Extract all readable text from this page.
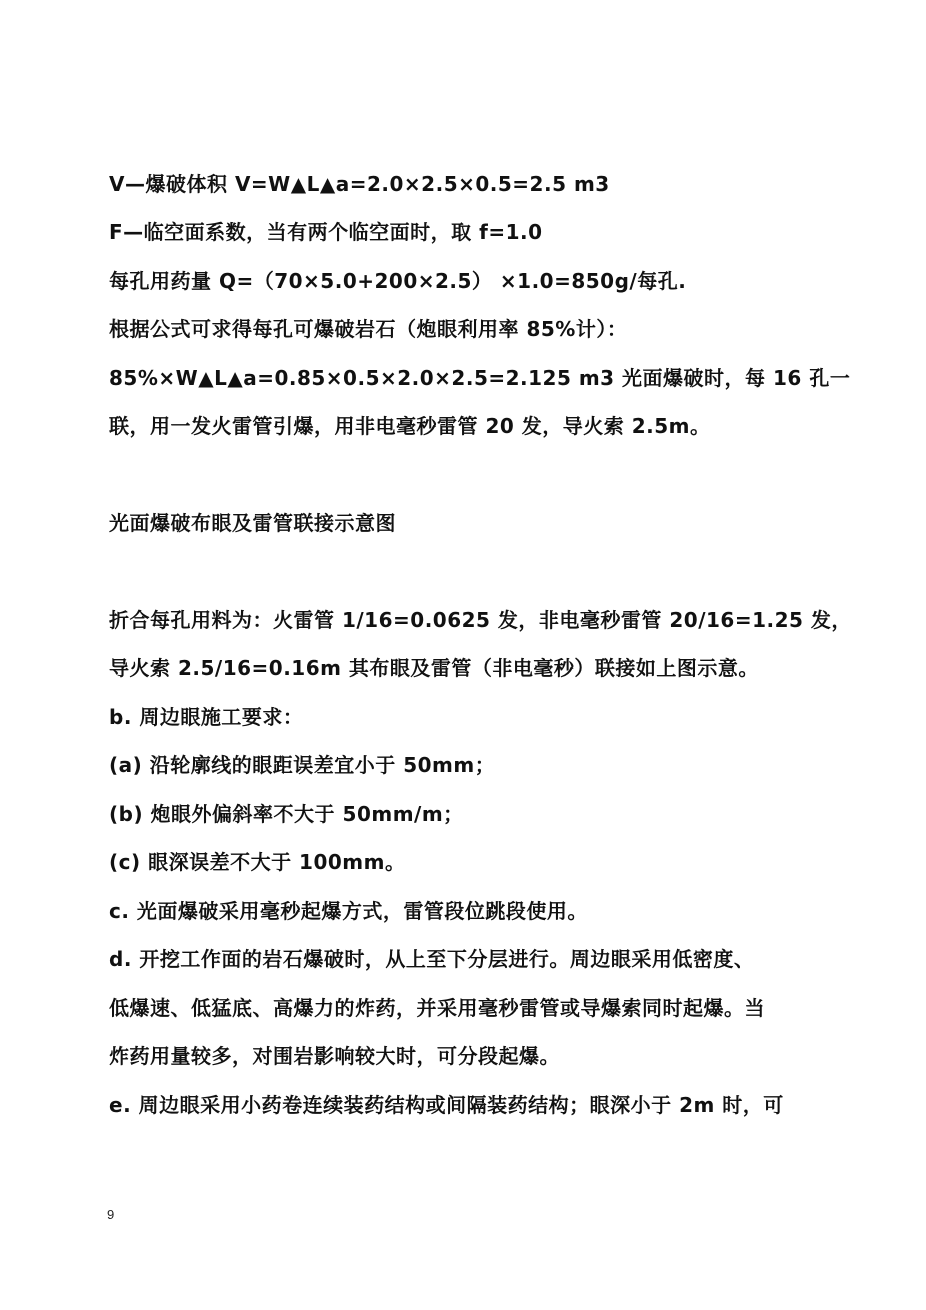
V—爆破体积 V=W▲L▲a=2.0×2.5×0.5=2.5 m3
F—临空面系数，当有两个临空面时，取 f=1.0
每孔用药量 Q=（70×5.0+200×2.5） ×1.0=850g/每孔.
根据公式可求得每孔可爆破岩石（炮眼利用率 85%计）：
85%×W▲L▲a=0.85×0.5×2.0×2.5=2.125 m3 光面爆破时，每 16 孔一
联，用一发火雷管引爆，用非电毫秒雷管 20 发，导火索 2.5m。
光面爆破布眼及雷管联接示意图
折合每孔用料为：火雷管 1/16=0.0625 发，非电毫秒雷管 20/16=1.25 发，
导火索 2.5/16=0.16m 其布眼及雷管（非电毫秒）联接如上图示意。
b. 周边眼施工要求：
(a) 沿轮廓线的眼距误差宜小于 50mm；
(b) 炮眼外偏斜率不大于 50mm/m；
(c) 眼深误差不大于 100mm。
c. 光面爆破采用毫秒起爆方式，雷管段位跳段使用。
d. 开挖工作面的岩石爆破时，从上至下分层进行。周边眼采用低密度、
低爆速、低猛底、高爆力的炸药，并采用毫秒雷管或导爆索同时起爆。当
炸药用量较多，对围岩影响较大时，可分段起爆。
e. 周边眼采用小药卷连续装药结构或间隔装药结构；眼深小于 2m 时，可
9
